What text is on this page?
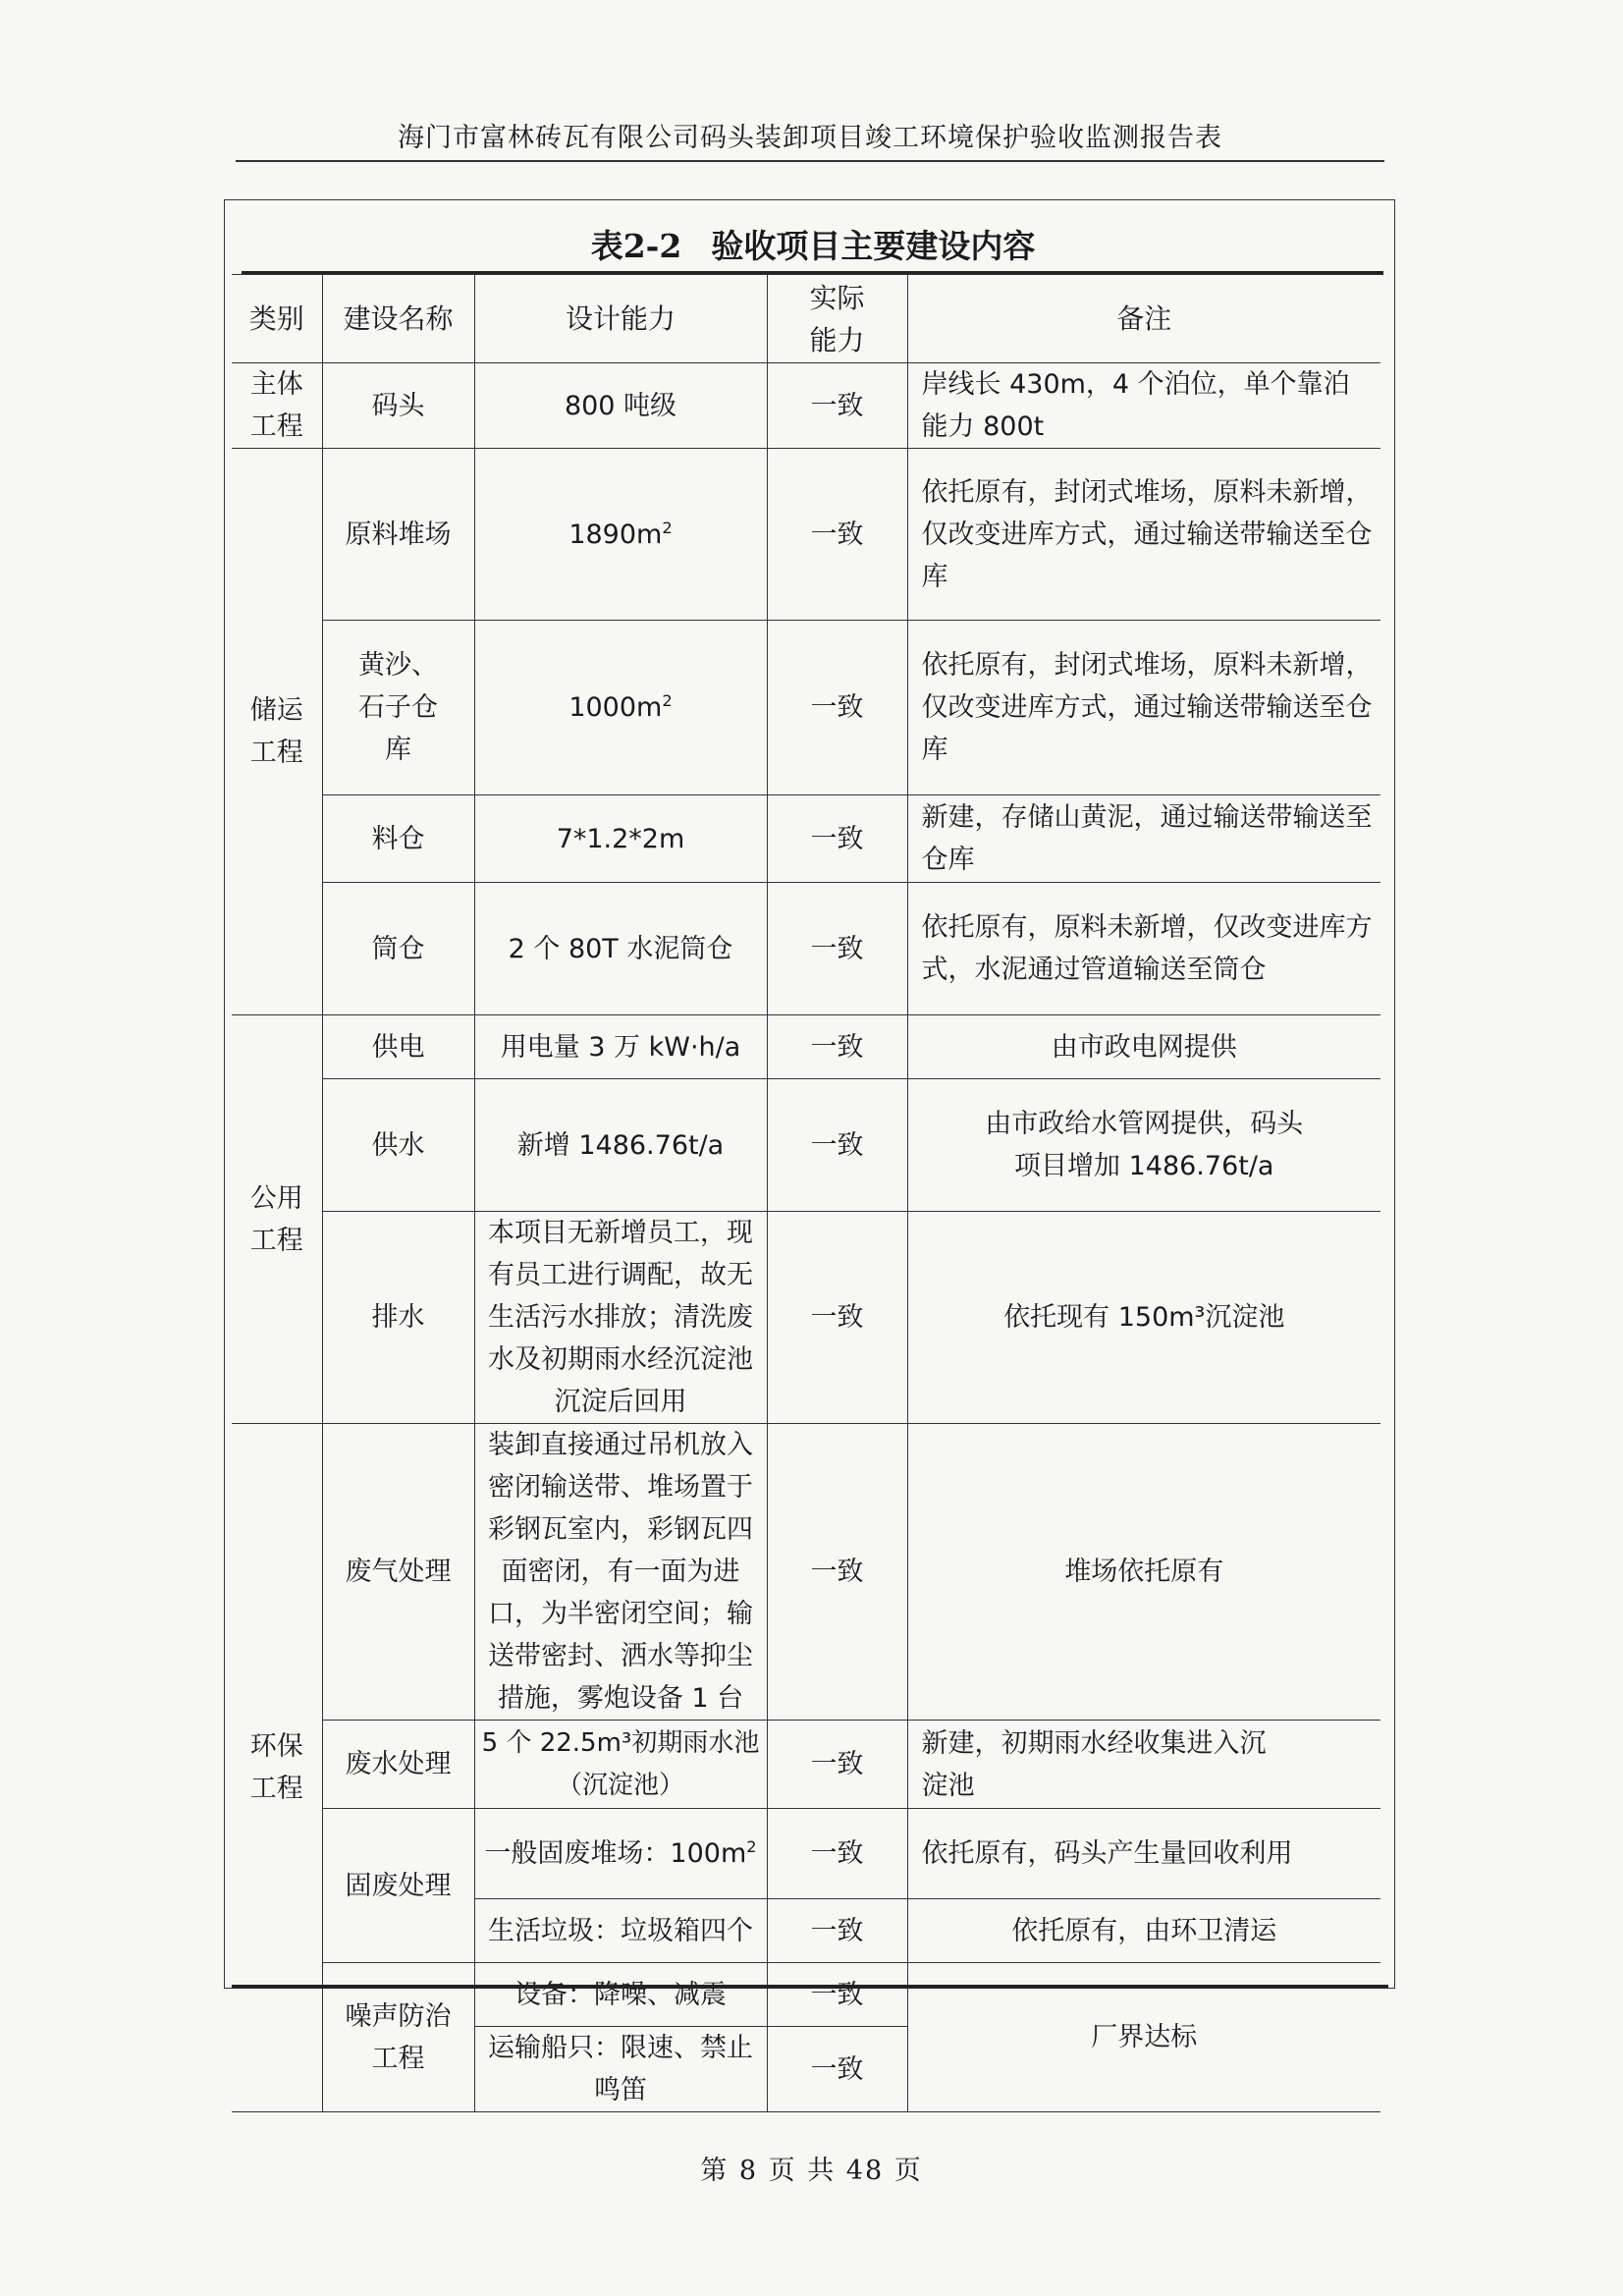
海门市富林砖瓦有限公司码头装卸项目竣工环境保护验收监测报告表
表2-2 验收项目主要建设内容
类别	建设名称	设计能力	实际能力	备注
主体工程	码头	800 吨级	一致	岸线长 430m，4 个泊位，单个靠泊能力 800t
储运工程	原料堆场	$1890m^2$	一致	依托原有，封闭式堆场，原料未新增，仅改变进库方式，通过输送带输送至仓库
	黄沙、石子仓库	$1000m^2$	一致	依托原有，封闭式堆场，原料未新增，仅改变进库方式，通过输送带输送至仓库
	料仓	7*1.2*2m	一致	新建，存储山黄泥，通过输送带输送至仓库
	筒仓	2 个 80T 水泥筒仓	一致	依托原有，原料未新增，仅改变进库方式，水泥通过管道输送至筒仓
公用工程	供电	用电量 3 万 kW·h/a	一致	由市政电网提供
	供水	新增 1486.76t/a	一致	由市政给水管网提供，码头项目增加 1486.76t/a
	排水	本项目无新增员工，现有员工进行调配，故无生活污水排放；清洗废水及初期雨水经沉淀池沉淀后回用	一致	依托现有 150m³沉淀池
环保工程	废气处理	装卸直接通过吊机放入密闭输送带、堆场置于彩钢瓦室内，彩钢瓦四面密闭，有一面为进口，为半密闭空间；输送带密封、洒水等抑尘措施，雾炮设备 1 台	一致	堆场依托原有
	废水处理	5 个 22.5m³初期雨水池（沉淀池）	一致	新建，初期雨水经收集进入沉淀池
	固废处理	一般固废堆场：$100m^2$	一致	依托原有，码头产生量回收利用
		生活垃圾：垃圾箱四个	一致	依托原有，由环卫清运
	噪声防治工程	设备：降噪、减震	一致	厂界达标
		运输船只：限速、禁止鸣笛	一致	
第 8 页 共 48 页
